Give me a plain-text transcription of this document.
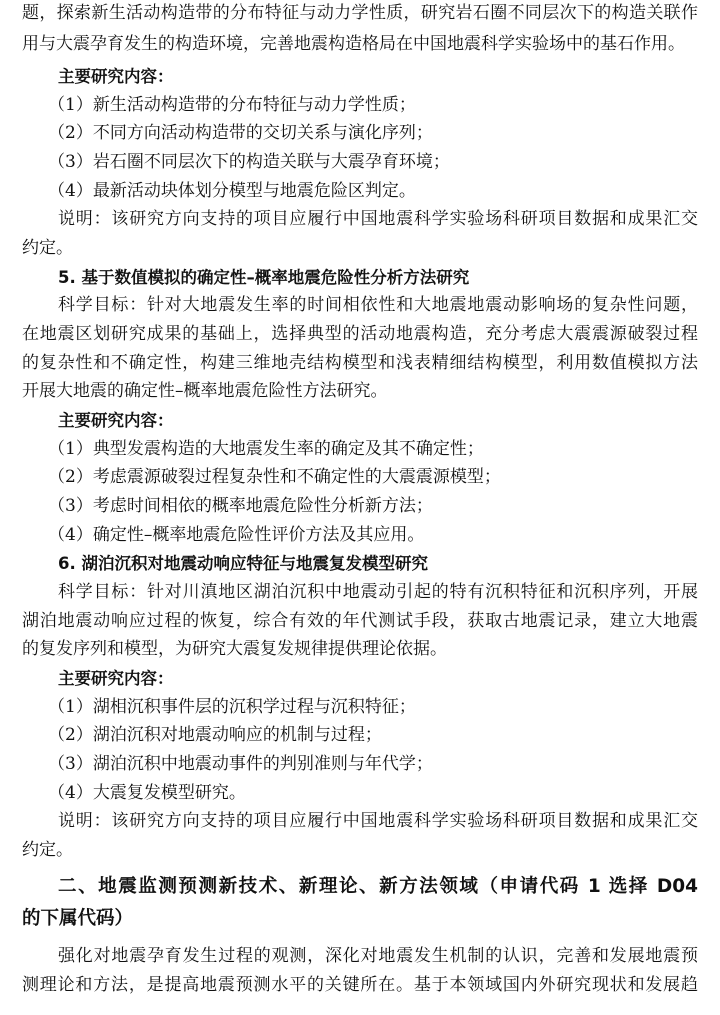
题，探索新生活动构造带的分布特征与动力学性质，研究岩石圈不同层次下的构造关联作
用与大震孕育发生的构造环境，完善地震构造格局在中国地震科学实验场中的基石作用。
主要研究内容：
（1）新生活动构造带的分布特征与动力学性质；
（2）不同方向活动构造带的交切关系与演化序列；
（3）岩石圈不同层次下的构造关联与大震孕育环境；
（4）最新活动块体划分模型与地震危险区判定。
说明：该研究方向支持的项目应履行中国地震科学实验场科研项目数据和成果汇交
约定。
5. 基于数值模拟的确定性–概率地震危险性分析方法研究
科学目标：针对大地震发生率的时间相依性和大地震地震动影响场的复杂性问题，
在地震区划研究成果的基础上，选择典型的活动地震构造，充分考虑大震震源破裂过程
的复杂性和不确定性，构建三维地壳结构模型和浅表精细结构模型，利用数值模拟方法
开展大地震的确定性–概率地震危险性方法研究。
主要研究内容：
（1）典型发震构造的大地震发生率的确定及其不确定性；
（2）考虑震源破裂过程复杂性和不确定性的大震震源模型；
（3）考虑时间相依的概率地震危险性分析新方法；
（4）确定性–概率地震危险性评价方法及其应用。
6. 湖泊沉积对地震动响应特征与地震复发模型研究
科学目标：针对川滇地区湖泊沉积中地震动引起的特有沉积特征和沉积序列，开展
湖泊地震动响应过程的恢复，综合有效的年代测试手段，获取古地震记录，建立大地震
的复发序列和模型，为研究大震复发规律提供理论依据。
主要研究内容：
（1）湖相沉积事件层的沉积学过程与沉积特征；
（2）湖泊沉积对地震动响应的机制与过程；
（3）湖泊沉积中地震动事件的判别准则与年代学；
（4）大震复发模型研究。
说明：该研究方向支持的项目应履行中国地震科学实验场科研项目数据和成果汇交
约定。
二、地震监测预测新技术、新理论、新方法领域（申请代码 1 选择 D04
的下属代码）
强化对地震孕育发生过程的观测，深化对地震发生机制的认识，完善和发展地震预
测理论和方法，是提高地震预测水平的关键所在。基于本领域国内外研究现状和发展趋
